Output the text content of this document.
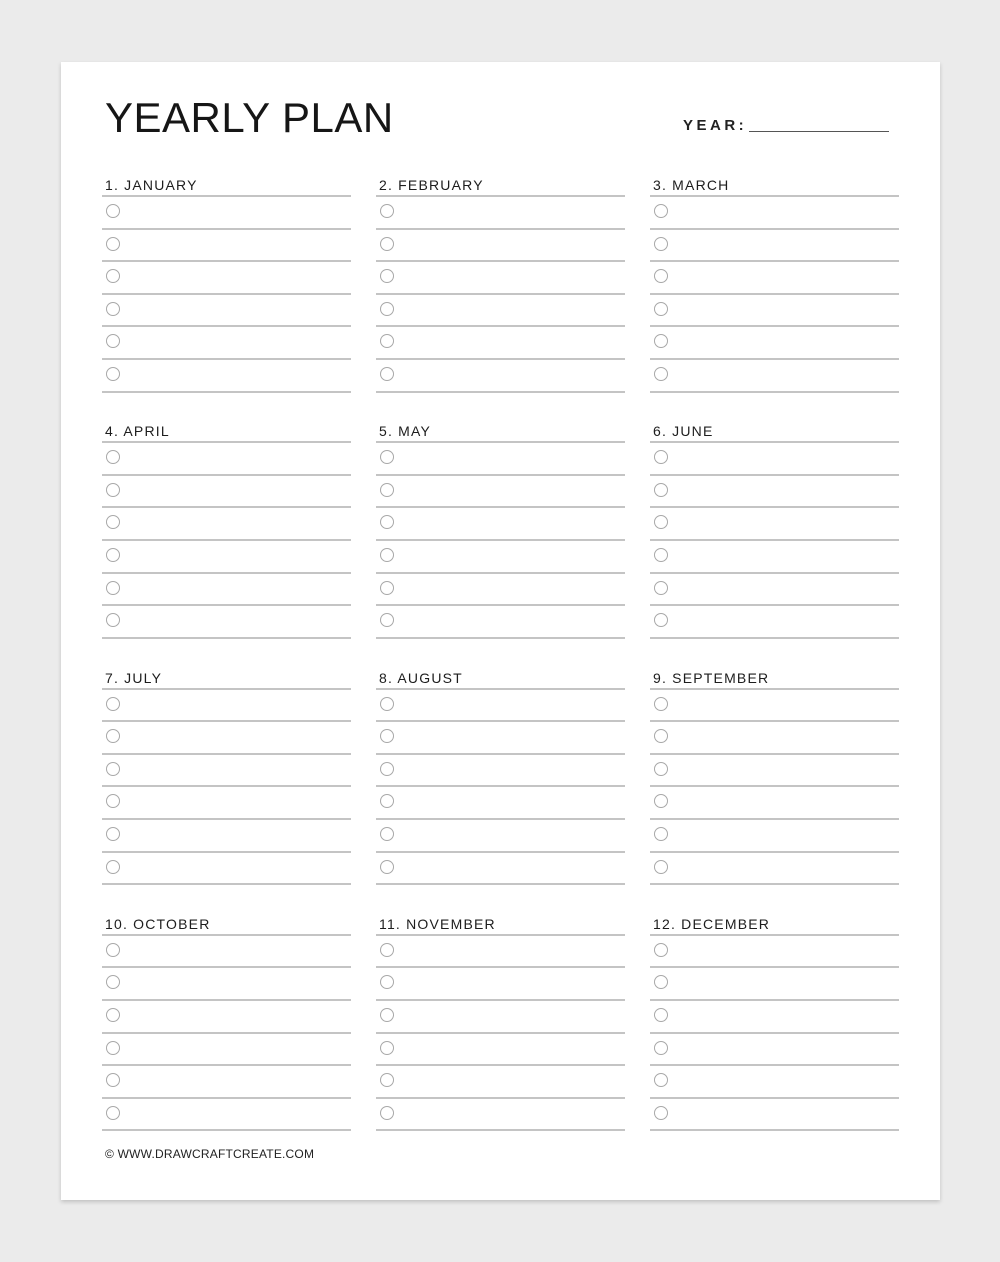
YEARLY PLAN	YEAR:
1. JANUARY	2. FEBRUARY	3. MARCH
4. APRIL	5. MAY	6. JUNE
7. JULY	8. AUGUST	9. SEPTEMBER
10. OCTOBER	11. NOVEMBER	12. DECEMBER
© WWW.DRAWCRAFTCREATE.COM
